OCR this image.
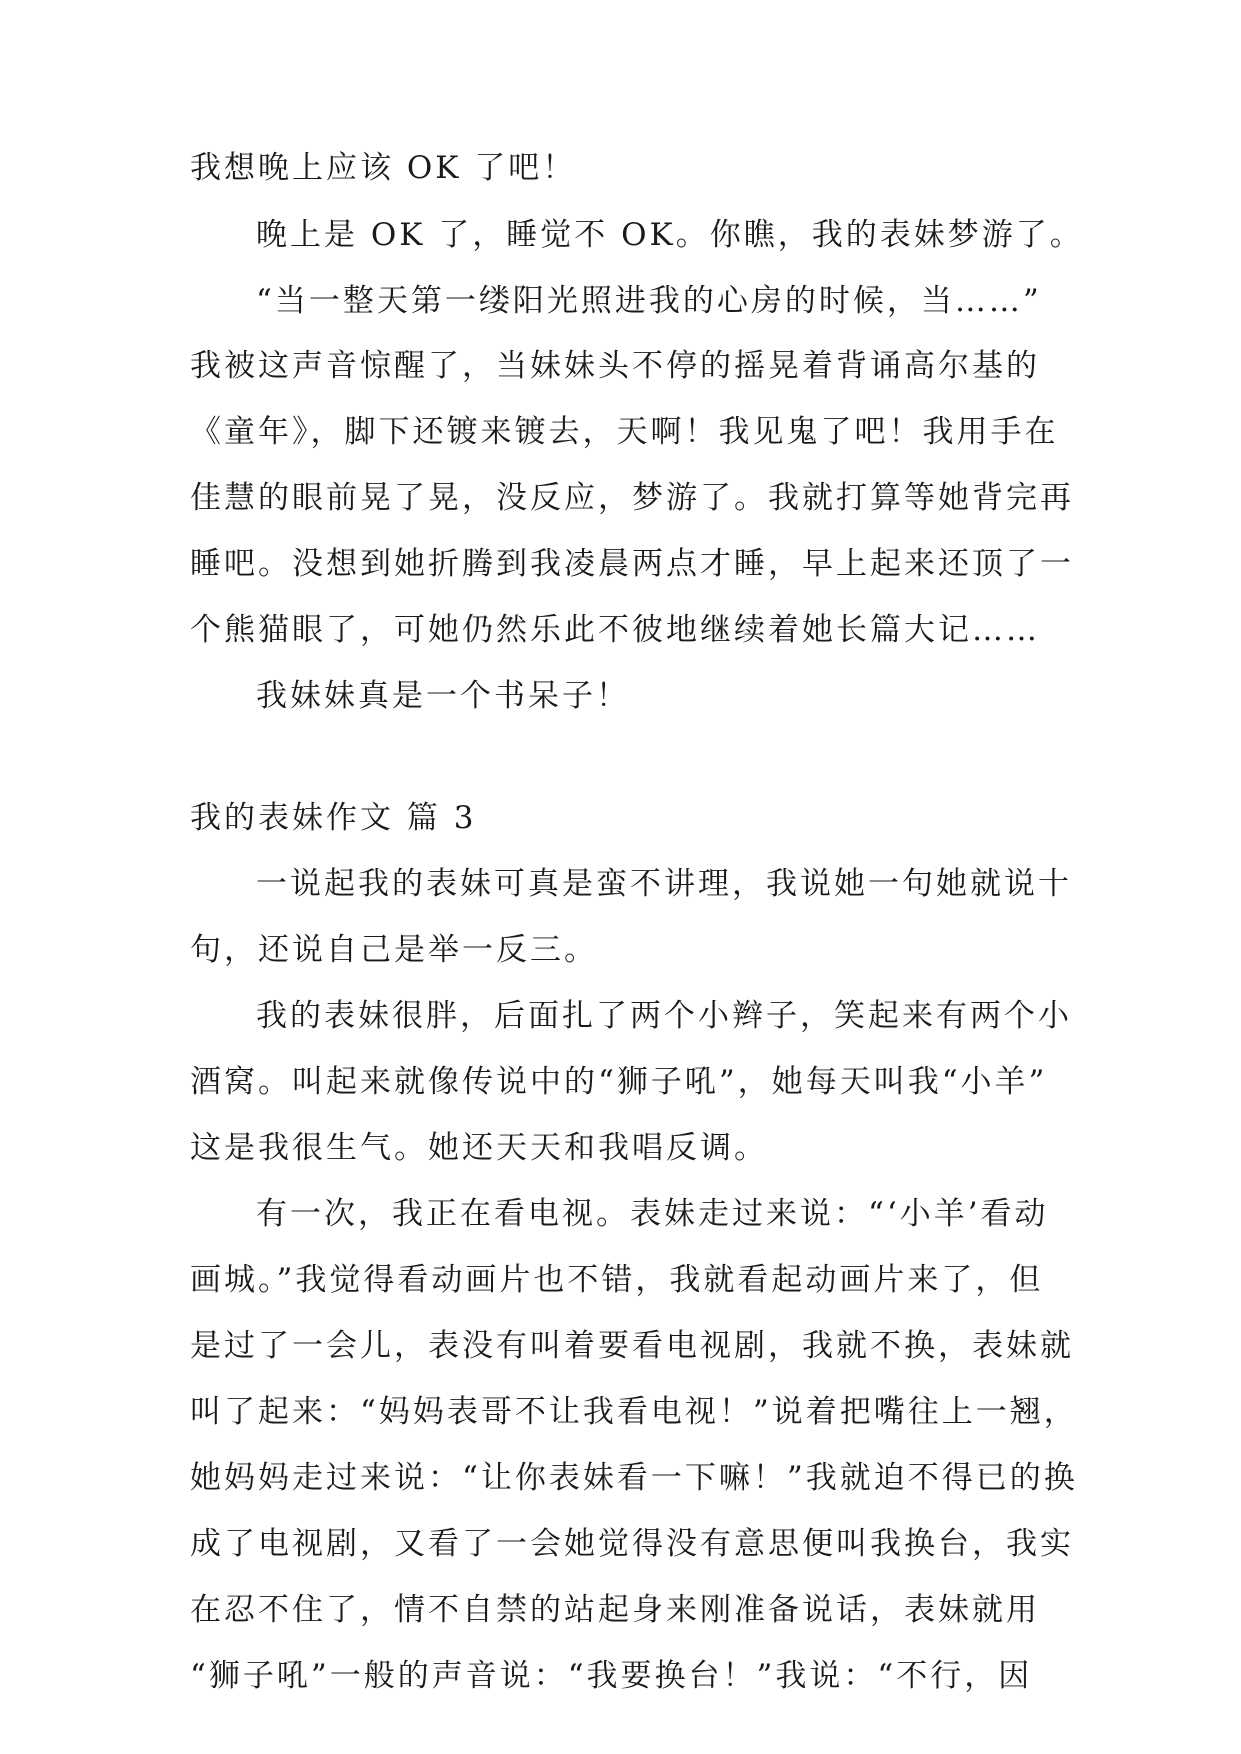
我想晚上应该 OK 了吧！

晚上是 OK 了，睡觉不 OK。你瞧，我的表妹梦游了。

“当一整天第一缕阳光照进我的心房的时候，当……”

我被这声音惊醒了，当妹妹头不停的摇晃着背诵高尔基的

《童年》，脚下还镀来镀去，天啊！我见鬼了吧！我用手在

佳慧的眼前晃了晃，没反应，梦游了。我就打算等她背完再

睡吧。没想到她折腾到我凌晨两点才睡，早上起来还顶了一

个熊猫眼了，可她仍然乐此不彼地继续着她长篇大记……

我妹妹真是一个书呆子！

我的表妹作文 篇 3

一说起我的表妹可真是蛮不讲理，我说她一句她就说十

句，还说自己是举一反三。

我的表妹很胖，后面扎了两个小辫子，笑起来有两个小

酒窝。叫起来就像传说中的“狮子吼”，她每天叫我“小羊”

这是我很生气。她还天天和我唱反调。

有一次，我正在看电视。表妹走过来说：“‘小羊’看动

画城。”我觉得看动画片也不错，我就看起动画片来了，但

是过了一会儿，表没有叫着要看电视剧，我就不换，表妹就

叫了起来：“妈妈表哥不让我看电视！”说着把嘴往上一翘，

她妈妈走过来说：“让你表妹看一下嘛！”我就迫不得已的换

成了电视剧，又看了一会她觉得没有意思便叫我换台，我实

在忍不住了，情不自禁的站起身来刚准备说话，表妹就用

“狮子吼”一般的声音说：“我要换台！”我说：“不行，因
